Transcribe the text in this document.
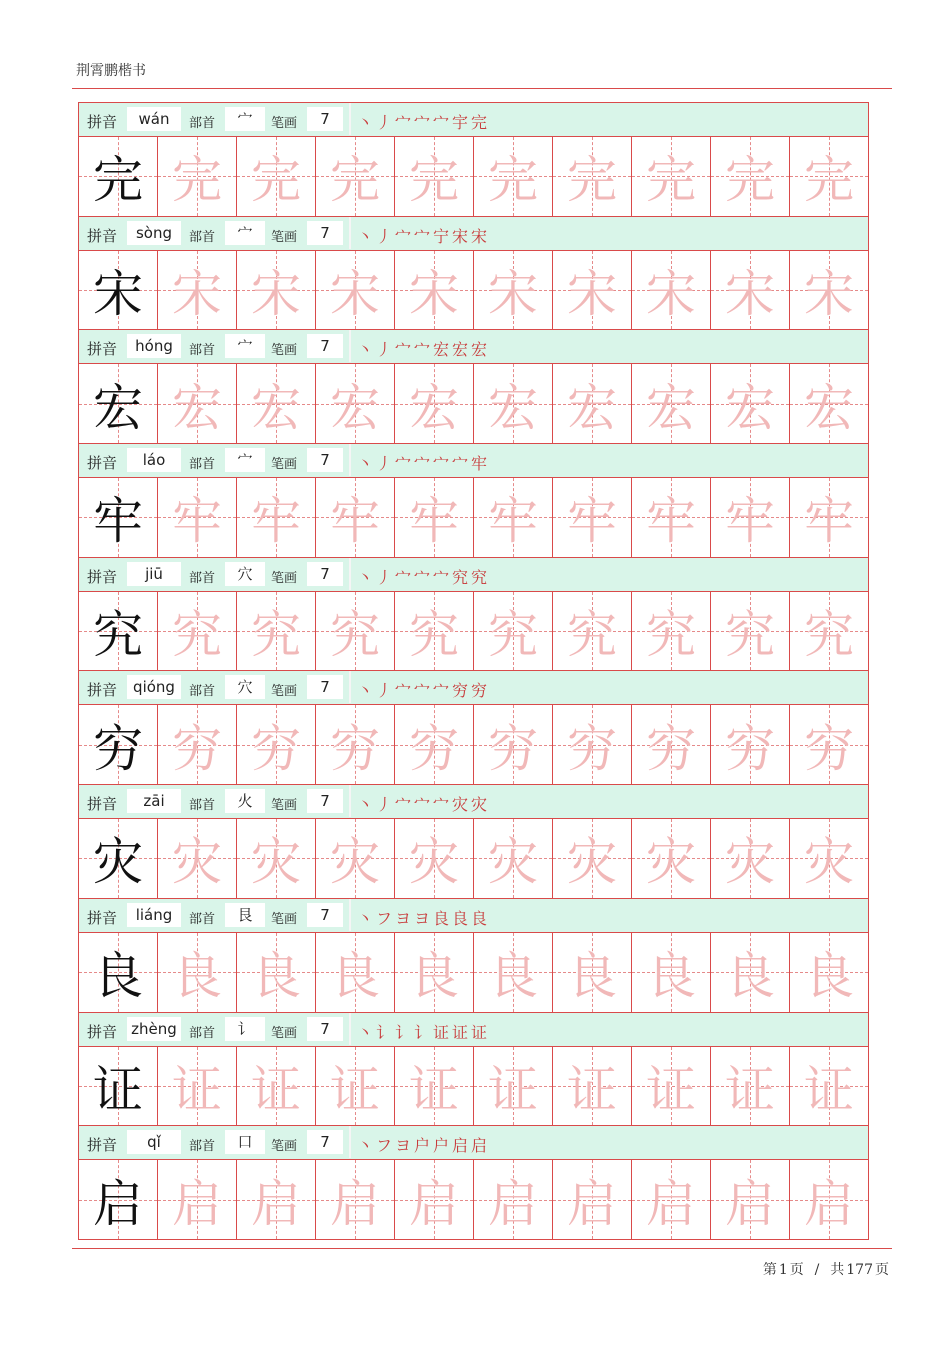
荆霄鹏楷书
拼音	wán	部首	宀	笔画	7	丶丿宀宀宀宇完
完 完 完 完 完 完 完 完 完 完
拼音	sòng	部首	宀	笔画	7	丶丿宀宀宁宋宋
宋 宋 宋 宋 宋 宋 宋 宋 宋 宋
拼音	hóng	部首	宀	笔画	7	丶丿宀宀宏宏宏
宏 宏 宏 宏 宏 宏 宏 宏 宏 宏
拼音	láo	部首	宀	笔画	7	丶丿宀宀宀宀牢
牢 牢 牢 牢 牢 牢 牢 牢 牢 牢
拼音	jiū	部首	穴	笔画	7	丶丿宀宀宀究究
究 究 究 究 究 究 究 究 究 究
拼音	qióng	部首	穴	笔画	7	丶丿宀宀宀穷穷
穷 穷 穷 穷 穷 穷 穷 穷 穷 穷
拼音	zāi	部首	火	笔画	7	丶丿宀宀宀灾灾
灾 灾 灾 灾 灾 灾 灾 灾 灾 灾
拼音	liáng	部首	艮	笔画	7	丶フヨヨ良良良
良 良 良 良 良 良 良 良 良 良
拼音 zhèng 部首	讠	笔画	7	丶讠讠讠证证证
证 证 证 证 证 证 证 证 证 证
拼音	qǐ	部首	口	笔画	7	丶フヨ户户启启
启 启 启 启 启 启 启 启 启 启
第 1 页 / 共 177 页
